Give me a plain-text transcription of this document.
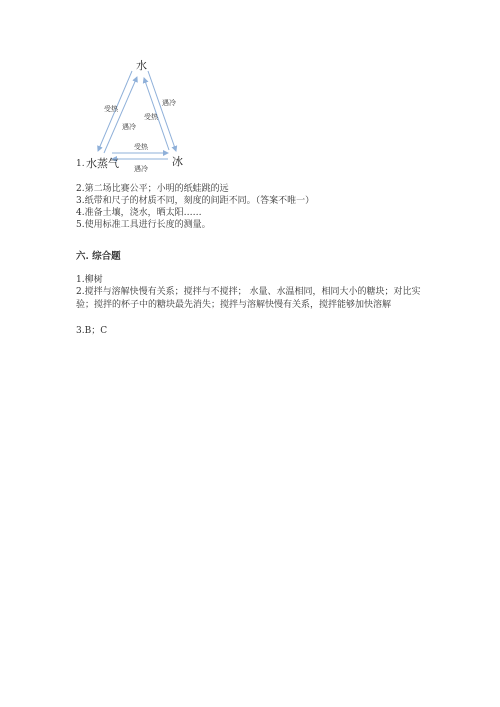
水
水蒸气	冰
受热
遇冷
受热
遇冷
受热
遇冷
1.
2.第二场比赛公平；小明的纸蛙跳的远
3.纸带和尺子的材质不同，刻度的间距不同。（答案不唯一）
4.准备土壤，浇水，晒太阳……
5.使用标准工具进行长度的测量。
六. 综合题
1.柳树
2.搅拌与溶解快慢有关系；搅拌与不搅拌； 水量、水温相同，相同大小的糖块；对比实验；搅拌的杯子中的糖块最先消失；搅拌与溶解快慢有关系，搅拌能够加快溶解
3.B；C
